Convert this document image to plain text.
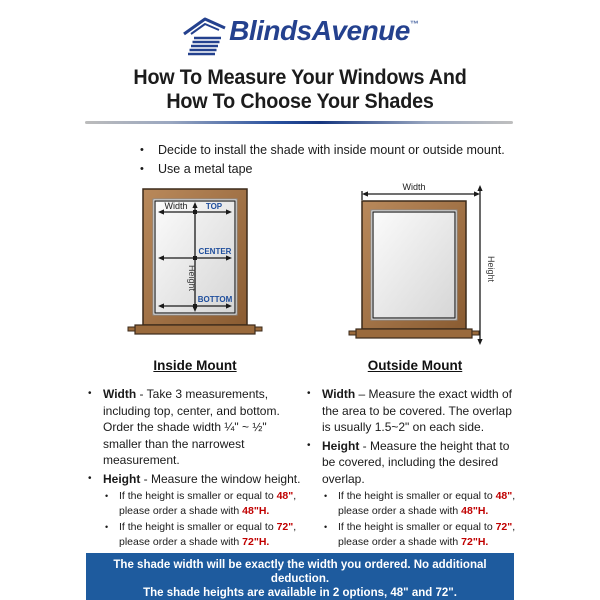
BlindsAvenue ™
How To Measure Your Windows And
How To Choose Your Shades
•	Decide to install the shade with inside mount or outside mount.
•	Use a metal tape
Width TOP
CENTER
BOTTOM
Height
Width
Height
Inside Mount	Outside Mount
• Width - Take 3 measurements, including top, center, and bottom. Order the shade width ¼" ~ ½" smaller than the narrowest measurement.
• Height - Measure the window height.
•	If the height is smaller or equal to 48", please order a shade with 48"H.
•	If the height is smaller or equal to 72", please order a shade with 72"H.
• Width – Measure the exact width of the area to be covered. The overlap is usually 1.5~2" on each side.
• Height - Measure the height that to be covered, including the desired overlap.
•	If the height is smaller or equal to 48", please order a shade with 48"H.
•	If the height is smaller or equal to 72", please order a shade with 72"H.
The shade width will be exactly the width you ordered. No additional deduction.
The shade heights are available in 2 options, 48" and 72".
